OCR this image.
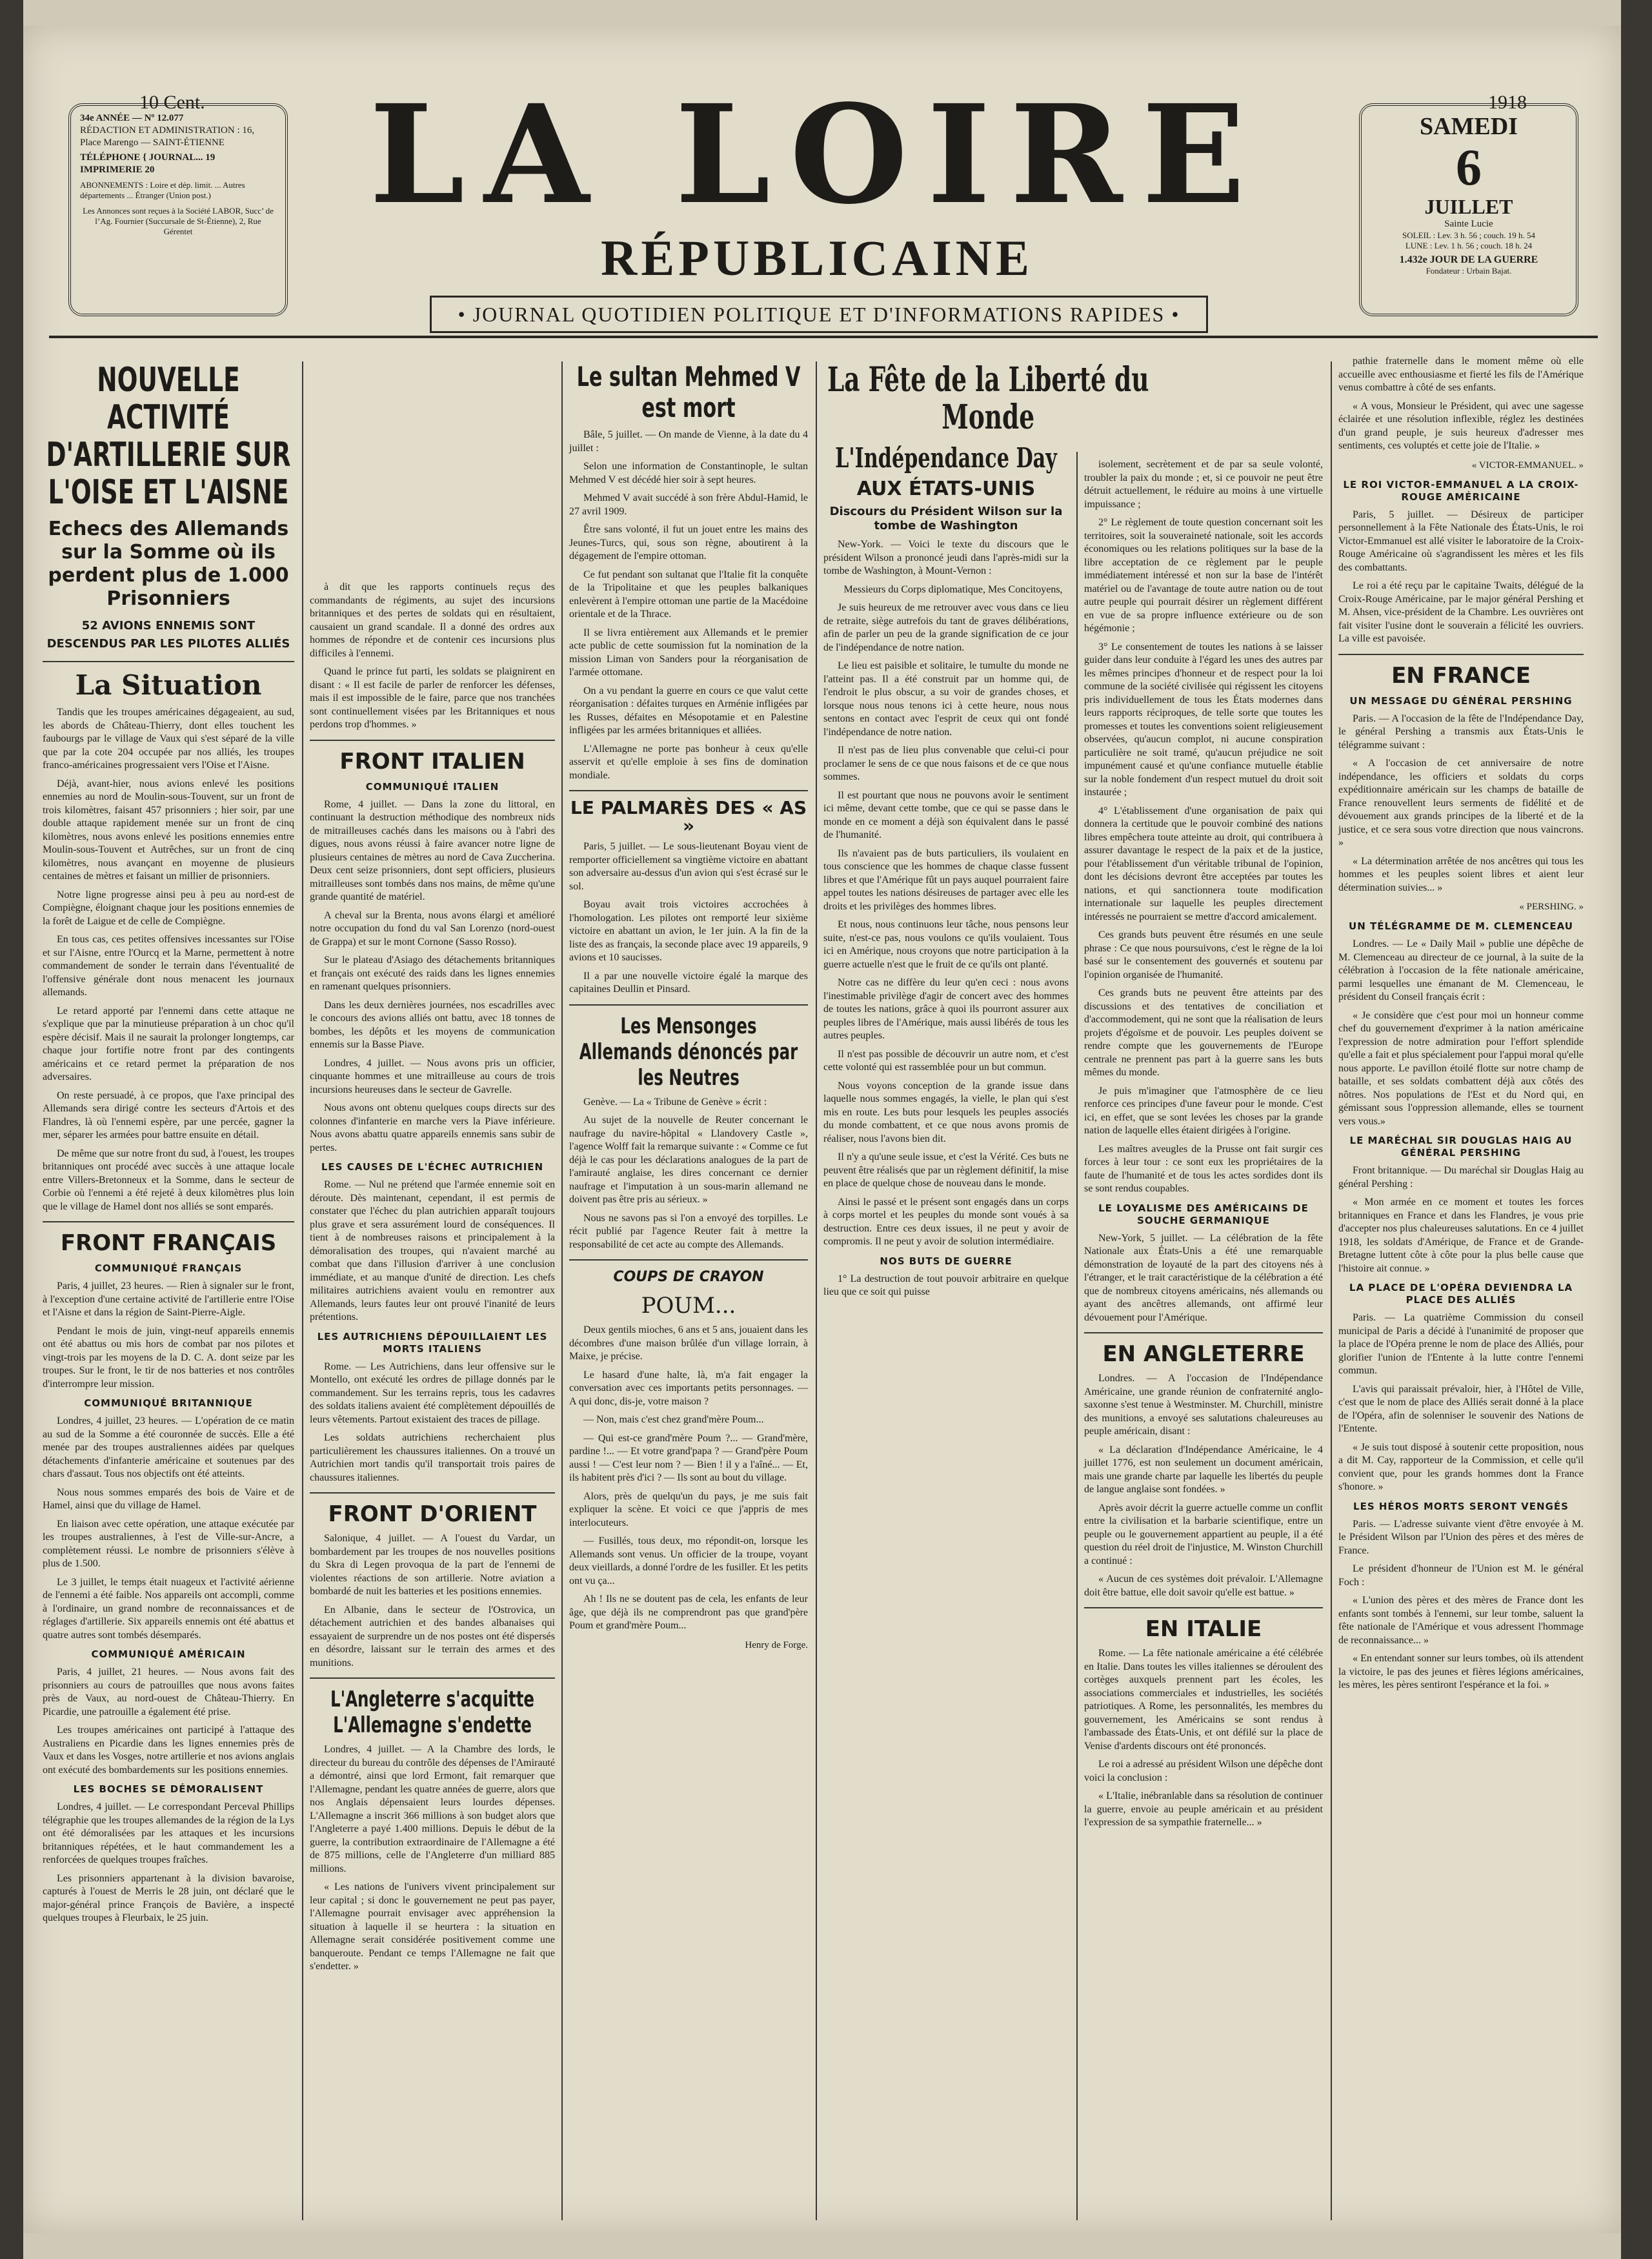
10 Cent.	1918
34e ANNÉE — Nº 12.077
RÉDACTION ET ADMINISTRATION : 16, Place Marengo — SAINT-ÉTIENNE
TÉLÉPHONE { JOURNAL... 19 IMPRIMERIE 20
ABONNEMENTS : Loire et dép. limit. ... Autres départements ... Étranger (Union post.)
Les Annonces sont reçues à la Société LABOR, Succ’ de l’Ag. Fournier (Succursale de St-Étienne), 2, Rue Gérentet	LA LOIRE
RÉPUBLICAINE
• JOURNAL QUOTIDIEN POLITIQUE ET D'INFORMATIONS RAPIDES •
SAMEDI
6
JUILLET
Sainte Lucie
SOLEIL : Lev. 3 h. 56 ; couch. 19 h. 54
LUNE : Lev. 1 h. 56 ; couch. 18 h. 24
1.432e JOUR DE LA GUERRE
Fondateur : Urbain Bajat.
NOUVELLE ACTIVITÉ D'ARTILLERIE SUR L'OISE ET L'AISNE
Echecs des Allemands sur la Somme où ils perdent plus de 1.000 Prisonniers
52 AVIONS ENNEMIS SONT DESCENDUS PAR LES PILOTES ALLIÉS
La Situation

Tandis que les troupes américaines dégageaient, au sud, les abords de Château-Thierry, dont elles touchent les faubourgs par le village de Vaux qui s'est séparé de la ville que par la cote 204 occupée par nos alliés, les troupes franco-américaines progressaient vers l'Oise et l'Aisne.

Déjà, avant-hier, nous avions enlevé les positions ennemies au nord de Moulin-sous-Touvent, sur un front de trois kilomètres, faisant 457 prisonniers ; hier soir, par une double attaque rapidement menée sur un front de cinq kilomètres, nous avons enlevé les positions ennemies entre Moulin-sous-Touvent et Autrêches, sur un front de cinq kilomètres, nous avançant en moyenne de plusieurs centaines de mètres et faisant un millier de prisonniers.

Notre ligne progresse ainsi peu à peu au nord-est de Compiègne, éloignant chaque jour les positions ennemies de la forêt de Laigue et de celle de Compiègne.

En tous cas, ces petites offensives incessantes sur l'Oise et sur l'Aisne, entre l'Ourcq et la Marne, permettent à notre commandement de sonder le terrain dans l'éventualité de l'offensive générale dont nous menacent les journaux allemands.

Le retard apporté par l'ennemi dans cette attaque ne s'explique que par la minutieuse préparation à un choc qu'il espère décisif. Mais il ne saurait la prolonger longtemps, car chaque jour fortifie notre front par des contingents américains et ce retard permet la préparation de nos adversaires.

On reste persuadé, à ce propos, que l'axe principal des Allemands sera dirigé contre les secteurs d'Artois et des Flandres, là où l'ennemi espère, par une percée, gagner la mer, séparer les armées pour battre ensuite en détail.

De même que sur notre front du sud, à l'ouest, les troupes britanniques ont procédé avec succès à une attaque locale entre Villers-Bretonneux et la Somme, dans le secteur de Corbie où l'ennemi a été rejeté à deux kilomètres plus loin que le village de Hamel dont nos alliés se sont emparés.

FRONT FRANÇAIS
COMMUNIQUÉ FRANÇAIS

Paris, 4 juillet, 23 heures. — Rien à signaler sur le front, à l'exception d'une certaine activité de l'artillerie entre l'Oise et l'Aisne et dans la région de Saint-Pierre-Aigle.

Pendant le mois de juin, vingt-neuf appareils ennemis ont été abattus ou mis hors de combat par nos pilotes et vingt-trois par les moyens de la D. C. A. dont seize par les troupes. Sur le front, le tir de nos batteries et nos contrôles d'interrompre leur mission.

COMMUNIQUÉ BRITANNIQUE

Londres, 4 juillet, 23 heures. — L'opération de ce matin au sud de la Somme a été couronnée de succès. Elle a été menée par des troupes australiennes aidées par quelques détachements d'infanterie américaine et soutenues par des chars d'assaut. Tous nos objectifs ont été atteints.

Nous nous sommes emparés des bois de Vaire et de Hamel, ainsi que du village de Hamel.

En liaison avec cette opération, une attaque exécutée par les troupes australiennes, à l'est de Ville-sur-Ancre, a complètement réussi. Le nombre de prisonniers s'élève à plus de 1.500.

Le 3 juillet, le temps était nuageux et l'activité aérienne de l'ennemi a été faible. Nos appareils ont accompli, comme à l'ordinaire, un grand nombre de reconnaissances et de réglages d'artillerie. Six appareils ennemis ont été abattus et quatre autres sont tombés désemparés.

COMMUNIQUÉ AMÉRICAIN

Paris, 4 juillet, 21 heures. — Nous avons fait des prisonniers au cours de patrouilles que nous avons faites près de Vaux, au nord-ouest de Château-Thierry. En Picardie, une patrouille a également été prise.

Les troupes américaines ont participé à l'attaque des Australiens en Picardie dans les lignes ennemies près de Vaux et dans les Vosges, notre artillerie et nos avions anglais ont exécuté des bombardements sur les positions ennemies.

LES BOCHES SE DÉMORALISENT

Londres, 4 juillet. — Le correspondant Perceval Phillips télégraphie que les troupes allemandes de la région de la Lys ont été démoralisées par les attaques et les incursions britanniques répétées, et le haut commandement les a renforcées de quelques troupes fraîches.

Les prisonniers appartenant à la division bavaroise, capturés à l'ouest de Merris le 28 juin, ont déclaré que le major-général prince François de Bavière, a inspecté quelques troupes à Fleurbaix, le 25 juin.

à dit que les rapports continuels reçus des commandants de régiments, au sujet des incursions britanniques et des pertes de soldats qui en résultaient, causaient un grand scandale. Il a donné des ordres aux hommes de répondre et de contenir ces incursions plus difficiles à l'ennemi.

Quand le prince fut parti, les soldats se plaignirent en disant : « Il est facile de parler de renforcer les défenses, mais il est impossible de le faire, parce que nos tranchées sont continuellement visées par les Britanniques et nous perdons trop d'hommes. »

FRONT ITALIEN
COMMUNIQUÉ ITALIEN

Rome, 4 juillet. — Dans la zone du littoral, en continuant la destruction méthodique des nombreux nids de mitrailleuses cachés dans les maisons ou à l'abri des digues, nous avons réussi à faire avancer notre ligne de plusieurs centaines de mètres au nord de Cava Zuccherina. Deux cent seize prisonniers, dont sept officiers, plusieurs mitrailleuses sont tombés dans nos mains, de même qu'une grande quantité de matériel.

A cheval sur la Brenta, nous avons élargi et amélioré notre occupation du fond du val San Lorenzo (nord-ouest de Grappa) et sur le mont Cornone (Sasso Rosso).

Sur le plateau d'Asiago des détachements britanniques et français ont exécuté des raids dans les lignes ennemies en ramenant quelques prisonniers.

Dans les deux dernières journées, nos escadrilles avec le concours des avions alliés ont battu, avec 18 tonnes de bombes, les dépôts et les moyens de communication ennemis sur la Basse Piave.

Londres, 4 juillet. — Nous avons pris un officier, cinquante hommes et une mitrailleuse au cours de trois incursions heureuses dans le secteur de Gavrelle.

Nous avons ont obtenu quelques coups directs sur des colonnes d'infanterie en marche vers la Piave inférieure. Nous avons abattu quatre appareils ennemis sans subir de pertes.

LES CAUSES DE L'ÉCHEC AUTRICHIEN

Rome. — Nul ne prétend que l'armée ennemie soit en déroute. Dès maintenant, cependant, il est permis de constater que l'échec du plan autrichien apparaît toujours plus grave et sera assurément lourd de conséquences. Il tient à de nombreuses raisons et principalement à la démoralisation des troupes, qui n'avaient marché au combat que dans l'illusion d'arriver à une conclusion immédiate, et au manque d'unité de direction. Les chefs militaires autrichiens avaient voulu en remontrer aux Allemands, leurs fautes leur ont prouvé l'inanité de leurs prétentions.

LES AUTRICHIENS DÉPOUILLAIENT LES MORTS ITALIENS

Rome. — Les Autrichiens, dans leur offensive sur le Montello, ont exécuté les ordres de pillage donnés par le commandement. Sur les terrains repris, tous les cadavres des soldats italiens avaient été complètement dépouillés de leurs vêtements. Partout existaient des traces de pillage.

Les soldats autrichiens recherchaient plus particulièrement les chaussures italiennes. On a trouvé un Autrichien mort tandis qu'il transportait trois paires de chaussures italiennes.

FRONT D'ORIENT

Salonique, 4 juillet. — A l'ouest du Vardar, un bombardement par les troupes de nos nouvelles positions du Skra di Legen provoqua de la part de l'ennemi de violentes réactions de son artillerie. Notre aviation a bombardé de nuit les batteries et les positions ennemies.

En Albanie, dans le secteur de l'Ostrovica, un détachement autrichien et des bandes albanaises qui essayaient de surprendre un de nos postes ont été dispersés en désordre, laissant sur le terrain des armes et des munitions.

L'Angleterre s'acquitte L'Allemagne s'endette

Londres, 4 juillet. — A la Chambre des lords, le directeur du bureau du contrôle des dépenses de l'Amirauté a démontré, ainsi que lord Ermont, fait remarquer que l'Allemagne, pendant les quatre années de guerre, alors que nos Anglais dépensaient leurs lourdes dépenses. L'Allemagne a inscrit 366 millions à son budget alors que l'Angleterre a payé 1.400 millions. Depuis le début de la guerre, la contribution extraordinaire de l'Allemagne a été de 875 millions, celle de l'Angleterre d'un milliard 885 millions.

« Les nations de l'univers vivent principalement sur leur capital ; si donc le gouvernement ne peut pas payer, l'Allemagne pourrait envisager avec appréhension la situation à laquelle il se heurtera : la situation en Allemagne serait considérée positivement comme une banqueroute. Pendant ce temps l'Allemagne ne fait que s'endetter. »

Le sultan Mehmed V est mort

Bâle, 5 juillet. — On mande de Vienne, à la date du 4 juillet :

Selon une information de Constantinople, le sultan Mehmed V est décédé hier soir à sept heures.

Mehmed V avait succédé à son frère Abdul-Hamid, le 27 avril 1909.

Être sans volonté, il fut un jouet entre les mains des Jeunes-Turcs, qui, sous son règne, aboutirent à la dégagement de l'empire ottoman.

Ce fut pendant son sultanat que l'Italie fit la conquête de la Tripolitaine et que les peuples balkaniques enlevèrent à l'empire ottoman une partie de la Macédoine orientale et de la Thrace.

Il se livra entièrement aux Allemands et le premier acte public de cette soumission fut la nomination de la mission Liman von Sanders pour la réorganisation de l'armée ottomane.

On a vu pendant la guerre en cours ce que valut cette réorganisation : défaites turques en Arménie infligées par les Russes, défaites en Mésopotamie et en Palestine infligées par les armées britanniques et alliées.

L'Allemagne ne porte pas bonheur à ceux qu'elle asservit et qu'elle emploie à ses fins de domination mondiale.

LE PALMARÈS DES « AS »

Paris, 5 juillet. — Le sous-lieutenant Boyau vient de remporter officiellement sa vingtième victoire en abattant son adversaire au-dessus d'un avion qui s'est écrasé sur le sol.

Boyau avait trois victoires accrochées à l'homologation. Les pilotes ont remporté leur sixième victoire en abattant un avion, le 1er juin. A la fin de la liste des as français, la seconde place avec 19 appareils, 9 avions et 10 saucisses.

Il a par une nouvelle victoire égalé la marque des capitaines Deullin et Pinsard.

Les Mensonges Allemands dénoncés par les Neutres

Genève. — La « Tribune de Genève » écrit :

Au sujet de la nouvelle de Reuter concernant le naufrage du navire-hôpital « Llandovery Castle », l'agence Wolff fait la remarque suivante : « Comme ce fut déjà le cas pour les déclarations analogues de la part de l'amirauté anglaise, les dires concernant ce dernier naufrage et l'imputation à un sous-marin allemand ne doivent pas être pris au sérieux. »

Nous ne savons pas si l'on a envoyé des torpilles. Le récit publié par l'agence Reuter fait à mettre la responsabilité de cet acte au compte des Allemands.

COUPS DE CRAYON
POUM...

Deux gentils mioches, 6 ans et 5 ans, jouaient dans les décombres d'une maison brûlée d'un village lorrain, à Maixe, je précise.

Le hasard d'une halte, là, m'a fait engager la conversation avec ces importants petits personnages. — A qui donc, dis-je, votre maison ?

— Non, mais c'est chez grand'mère Poum...

— Qui est-ce grand'mère Poum ?... — Grand'mère, pardine !... — Et votre grand'papa ? — Grand'père Poum aussi ! — C'est leur nom ? — Bien ! il y a l'aîné... — Et, ils habitent près d'ici ? — Ils sont au bout du village.

Alors, près de quelqu'un du pays, je me suis fait expliquer la scène. Et voici ce que j'appris de mes interlocuteurs.

— Fusillés, tous deux, mo répondit-on, lorsque les Allemands sont venus. Un officier de la troupe, voyant deux vieillards, a donné l'ordre de les fusiller. Et les petits ont vu ça...

Ah ! Ils ne se doutent pas de cela, les enfants de leur âge, que déjà ils ne comprendront pas que grand'père Poum et grand'mère Poum...

Henry de Forge.
La Fête de la Liberté du Monde
L'Indépendance Day
AUX ÉTATS-UNIS
Discours du Président Wilson sur la tombe de Washington

New-York. — Voici le texte du discours que le président Wilson a prononcé jeudi dans l'après-midi sur la tombe de Washington, à Mount-Vernon :

Messieurs du Corps diplomatique, Mes Concitoyens,

Je suis heureux de me retrouver avec vous dans ce lieu de retraite, siège autrefois du tant de graves délibérations, afin de parler un peu de la grande signification de ce jour de l'indépendance de notre nation.

Le lieu est paisible et solitaire, le tumulte du monde ne l'atteint pas. Il a été construit par un homme qui, de l'endroit le plus obscur, a su voir de grandes choses, et lorsque nous nous tenons ici à cette heure, nous nous sentons en contact avec l'esprit de ceux qui ont fondé l'indépendance de notre nation.

Il n'est pas de lieu plus convenable que celui-ci pour proclamer le sens de ce que nous faisons et de ce que nous sommes.

Il est pourtant que nous ne pouvons avoir le sentiment ici même, devant cette tombe, que ce qui se passe dans le monde en ce moment a déjà son équivalent dans le passé de l'humanité.

Ils n'avaient pas de buts particuliers, ils voulaient en tous conscience que les hommes de chaque classe fussent libres et que l'Amérique fût un pays auquel pourraient faire appel toutes les nations désireuses de partager avec elle les droits et les privilèges des hommes libres.

Et nous, nous continuons leur tâche, nous pensons leur suite, n'est-ce pas, nous voulons ce qu'ils voulaient. Tous ici en Amérique, nous croyons que notre participation à la guerre actuelle n'est que le fruit de ce qu'ils ont planté.

Notre cas ne diffère du leur qu'en ceci : nous avons l'inestimable privilège d'agir de concert avec des hommes de toutes les nations, grâce à quoi ils pourront assurer aux peuples libres de l'Amérique, mais aussi libérés de tous les autres peuples.

Il n'est pas possible de découvrir un autre nom, et c'est cette volonté qui est rassemblée pour un but commun.

Nous voyons conception de la grande issue dans laquelle nous sommes engagés, la vielle, le plan qui s'est mis en route. Les buts pour lesquels les peuples associés du monde combattent, et ce que nous avons promis de réaliser, nous l'avons bien dit.

Il n'y a qu'une seule issue, et c'est la Vérité. Ces buts ne peuvent être réalisés que par un règlement définitif, la mise en place de quelque chose de nouveau dans le monde.

Ainsi le passé et le présent sont engagés dans un corps à corps mortel et les peuples du monde sont voués à sa destruction. Entre ces deux issues, il ne peut y avoir de compromis. Il ne peut y avoir de solution intermédiaire.

NOS BUTS DE GUERRE

1° La destruction de tout pouvoir arbitraire en quelque lieu que ce soit qui puisse

isolement, secrètement et de par sa seule volonté, troubler la paix du monde ; et, si ce pouvoir ne peut être détruit actuellement, le réduire au moins à une virtuelle impuissance ;

2° Le règlement de toute question concernant soit les territoires, soit la souveraineté nationale, soit les accords économiques ou les relations politiques sur la base de la libre acceptation de ce règlement par le peuple immédiatement intéressé et non sur la base de l'intérêt matériel ou de l'avantage de toute autre nation ou de tout autre peuple qui pourrait désirer un règlement différent en vue de sa propre influence extérieure ou de son hégémonie ;

3° Le consentement de toutes les nations à se laisser guider dans leur conduite à l'égard les unes des autres par les mêmes principes d'honneur et de respect pour la loi commune de la société civilisée qui régissent les citoyens pris individuellement de tous les États modernes dans leurs rapports réciproques, de telle sorte que toutes les promesses et toutes les conventions soient religieusement observées, qu'aucun complot, ni aucune conspiration particulière ne soit tramé, qu'aucun préjudice ne soit impunément causé et qu'une confiance mutuelle établie sur la noble fondement d'un respect mutuel du droit soit instaurée ;

4° L'établissement d'une organisation de paix qui donnera la certitude que le pouvoir combiné des nations libres empêchera toute atteinte au droit, qui contribuera à assurer davantage le respect de la paix et de la justice, pour l'établissement d'un véritable tribunal de l'opinion, dont les décisions devront être acceptées par toutes les nations, et qui sanctionnera toute modification internationale sur laquelle les peuples directement intéressés ne pourraient se mettre d'accord amicalement.

Ces grands buts peuvent être résumés en une seule phrase : Ce que nous poursuivons, c'est le règne de la loi basé sur le consentement des gouvernés et soutenu par l'opinion organisée de l'humanité.

Ces grands buts ne peuvent être atteints par des discussions et des tentatives de conciliation et d'accommodement, qui ne sont que la réalisation de leurs projets d'égoïsme et de pouvoir. Les peuples doivent se rendre compte que les gouvernements de l'Europe centrale ne prennent pas part à la guerre sans les buts mêmes du monde.

Je puis m'imaginer que l'atmosphère de ce lieu renforce ces principes d'une faveur pour le monde. C'est ici, en effet, que se sont levées les choses par la grande nation de laquelle elles étaient dirigées à l'origine.

Les maîtres aveugles de la Prusse ont fait surgir ces forces à leur tour : ce sont eux les propriétaires de la faute de l'humanité et de tous les actes sordides dont ils se sont rendus coupables.

LE LOYALISME DES AMÉRICAINS DE SOUCHE GERMANIQUE

New-York, 5 juillet. — La célébration de la fête Nationale aux États-Unis a été une remarquable démonstration de loyauté de la part des citoyens nés à l'étranger, et le trait caractéristique de la célébration a été que de nombreux citoyens américains, nés allemands ou ayant des ancêtres allemands, ont affirmé leur dévouement pour l'Amérique.

EN ANGLETERRE

Londres. — A l'occasion de l'Indépendance Américaine, une grande réunion de confraternité anglo-saxonne s'est tenue à Westminster. M. Churchill, ministre des munitions, a envoyé ses salutations chaleureuses au peuple américain, disant :

« La déclaration d'Indépendance Américaine, le 4 juillet 1776, est non seulement un document américain, mais une grande charte par laquelle les libertés du peuple de langue anglaise sont fondées. »

Après avoir décrit la guerre actuelle comme un conflit entre la civilisation et la barbarie scientifique, entre un peuple ou le gouvernement appartient au peuple, il a été question du réel droit de l'injustice, M. Winston Churchill a continué :

« Aucun de ces systèmes doit prévaloir. L'Allemagne doit être battue, elle doit savoir qu'elle est battue. »

EN ITALIE

Rome. — La fête nationale américaine a été célébrée en Italie. Dans toutes les villes italiennes se déroulent des cortèges auxquels prennent part les écoles, les associations commerciales et industrielles, les sociétés patriotiques. A Rome, les personnalités, les membres du gouvernement, les Américains se sont rendus à l'ambassade des États-Unis, et ont défilé sur la place de Venise d'ardents discours ont été prononcés.

Le roi a adressé au président Wilson une dépêche dont voici la conclusion :

« L'Italie, inébranlable dans sa résolution de continuer la guerre, envoie au peuple américain et au président l'expression de sa sympathie fraternelle... »

pathie fraternelle dans le moment même où elle accueille avec enthousiasme et fierté les fils de l'Amérique venus combattre à côté de ses enfants.

« A vous, Monsieur le Président, qui avec une sagesse éclairée et une résolution inflexible, réglez les destinées d'un grand peuple, je suis heureux d'adresser mes sentiments, ces voluptés et cette joie de l'Italie. »

« VICTOR-EMMANUEL. »
LE ROI VICTOR-EMMANUEL A LA CROIX-ROUGE AMÉRICAINE

Paris, 5 juillet. — Désireux de participer personnellement à la Fête Nationale des États-Unis, le roi Victor-Emmanuel est allé visiter le laboratoire de la Croix-Rouge Américaine où s'agrandissent les mères et les fils des combattants.

Le roi a été reçu par le capitaine Twaits, délégué de la Croix-Rouge Américaine, par le major général Pershing et M. Ahsen, vice-président de la Chambre. Les ouvrières ont fait visiter l'usine dont le souverain a félicité les ouvriers. La ville est pavoisée.

EN FRANCE
UN MESSAGE DU GÉNÉRAL PERSHING

Paris. — A l'occasion de la fête de l'Indépendance Day, le général Pershing a transmis aux États-Unis le télégramme suivant :

« A l'occasion de cet anniversaire de notre indépendance, les officiers et soldats du corps expéditionnaire américain sur les champs de bataille de France renouvellent leurs serments de fidélité et de dévouement aux grands principes de la liberté et de la justice, et ce sera sous votre direction que nous vaincrons. »

« La détermination arrêtée de nos ancêtres qui tous les hommes et les peuples soient libres et aient leur détermination suivies... »

« PERSHING. »
UN TÉLÉGRAMME DE M. CLEMENCEAU

Londres. — Le « Daily Mail » publie une dépêche de M. Clemenceau au directeur de ce journal, à la suite de la célébration à l'occasion de la fête nationale américaine, parmi lesquelles une émanant de M. Clemenceau, le président du Conseil français écrit :

« Je considère que c'est pour moi un honneur comme chef du gouvernement d'exprimer à la nation américaine l'expression de notre admiration pour l'effort splendide qu'elle a fait et plus spécialement pour l'appui moral qu'elle nous apporte. Le pavillon étoilé flotte sur notre champ de bataille, et ses soldats combattent déjà aux côtés des nôtres. Nos populations de l'Est et du Nord qui, en gémissant sous l'oppression allemande, elles se tournent vers vous.»

LE MARÉCHAL SIR DOUGLAS HAIG AU GÉNÉRAL PERSHING

Front britannique. — Du maréchal sir Douglas Haig au général Pershing :

« Mon armée en ce moment et toutes les forces britanniques en France et dans les Flandres, je vous prie d'accepter nos plus chaleureuses salutations. En ce 4 juillet 1918, les soldats d'Amérique, de France et de Grande-Bretagne luttent côte à côte pour la plus belle cause que l'histoire ait connue. »

LA PLACE DE L'OPÉRA DEVIENDRA LA PLACE DES ALLIÉS

Paris. — La quatrième Commission du conseil municipal de Paris a décidé à l'unanimité de proposer que la place de l'Opéra prenne le nom de place des Alliés, pour glorifier l'union de l'Entente à la lutte contre l'ennemi commun.

L'avis qui paraissait prévaloir, hier, à l'Hôtel de Ville, c'est que le nom de place des Alliés serait donné à la place de l'Opéra, afin de solenniser le souvenir des Nations de l'Entente.

« Je suis tout disposé à soutenir cette proposition, nous a dit M. Cay, rapporteur de la Commission, et celle qu'il convient que, pour les grands hommes dont la France s'honore. »

LES HÉROS MORTS SERONT VENGÉS

Paris. — L'adresse suivante vient d'être envoyée à M. le Président Wilson par l'Union des pères et des mères de France.

Le président d'honneur de l'Union est M. le général Foch :

« L'union des pères et des mères de France dont les enfants sont tombés à l'ennemi, sur leur tombe, saluent la fête nationale de l'Amérique et vous adressent l'hommage de reconnaissance... »

« En entendant sonner sur leurs tombes, où ils attendent la victoire, le pas des jeunes et fières légions américaines, les mères, les pères sentiront l'espérance et la foi. »
